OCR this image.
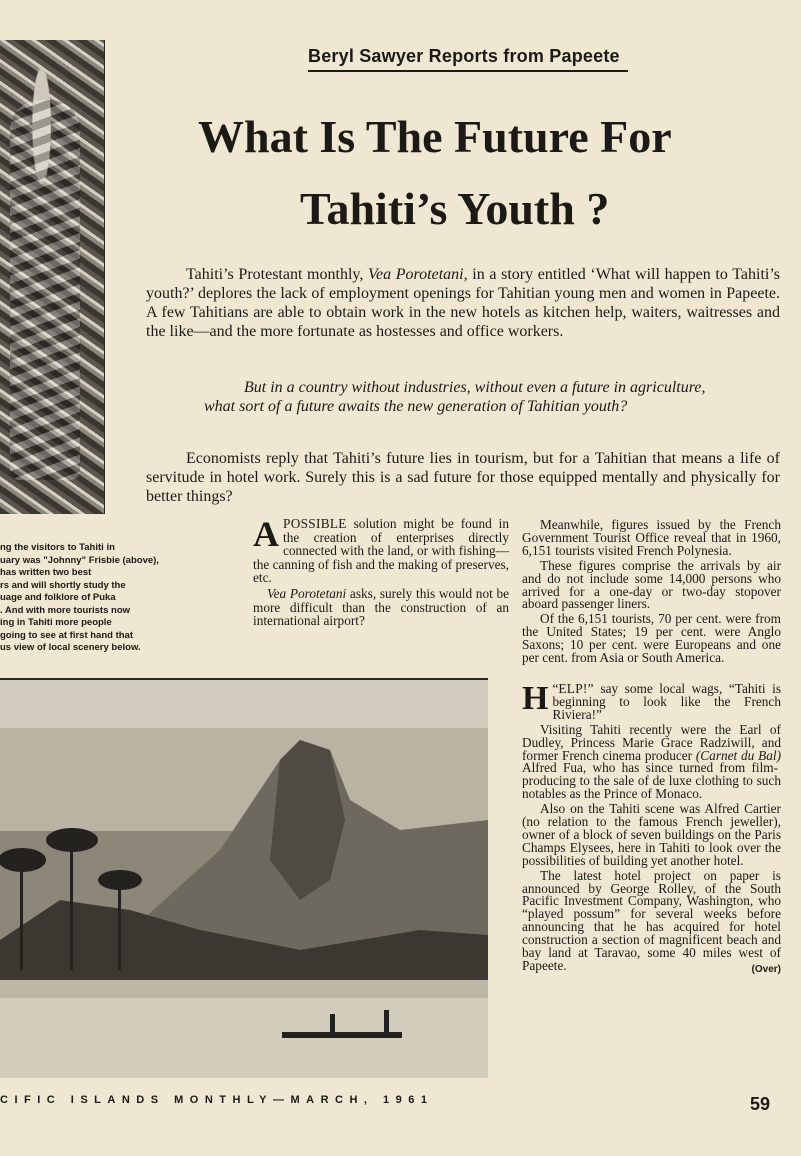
Beryl Sawyer Reports from Papeete
What Is The Future For
Tahiti’s Youth ?

Tahiti’s Protestant monthly, Vea Porotetani, in a story entitled ‘What will happen to Tahiti’s youth?’ deplores the lack of employment openings for Tahitian young men and women in Papeete. A few Tahitians are able to obtain work in the new hotels as kitchen help, waiters, waitresses and the like—and the more fortunate as hostesses and office workers.

But in a country without industries, without even a future in agriculture, what sort of a future awaits the new generation of Tahitian youth?

Economists reply that Tahiti’s future lies in tourism, but for a Tahitian that means a life of servitude in hotel work. Surely this is a sad future for those equipped mentally and physically for better things?

ng the visitors to Tahiti in
uary was "Johnny" Frisbie (above),
has written two best
rs and will shortly study the
uage and folklore of Puka
. And with more tourists now
ing in Tahiti more people
going to see at first hand that
us view of local scenery below.

APOSSIBLE solution might be found in the creation of enterprises directly connected with the land, or with fishing—the canning of fish and the making of preserves, etc.

Vea Porotetani asks, surely this would not be more difficult than the construction of an international airport?

Meanwhile, figures issued by the French Government Tourist Office reveal that in 1960, 6,151 tourists visited French Polynesia.

These figures comprise the arrivals by air and do not include some 14,000 persons who arrived for a one-day or two-day stopover aboard passenger liners.

Of the 6,151 tourists, 70 per cent. were from the United States; 19 per cent. were Anglo Saxons; 10 per cent. were Europeans and one per cent. from Asia or South America.

“
H ELP!” say some local wags, “Tahiti is beginning to look like the French Riviera!”

Visiting Tahiti recently were the Earl of Dudley, Princess Marie Grace Radziwill, and former French cinema producer (Carnet du Bal) Alfred Fua, who has since turned from film-producing to the sale of de luxe clothing to such notables as the Prince of Monaco.

Also on the Tahiti scene was Alfred Cartier (no relation to the famous French jeweller), owner of a block of seven buildings on the Paris Champs Elysees, here in Tahiti to look over the possibilities of building yet another hotel.

The latest hotel project on paper is announced by George Rolley, of the South Pacific Investment Company, Washington, who “played possum” for several weeks before announcing that he has acquired for hotel construction a section of magnificent beach and bay land at Taravao, some 40 miles west of Papeete.	(Over)

CIFIC ISLANDS MONTHLY—MARCH, 1961	59
